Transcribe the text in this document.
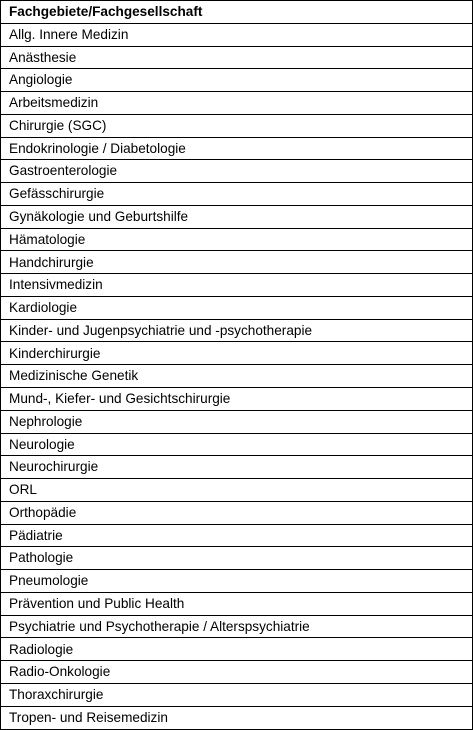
Fachgebiete/Fachgesellschaft
Allg. Innere Medizin
Anästhesie
Angiologie
Arbeitsmedizin
Chirurgie (SGC)
Endokrinologie / Diabetologie
Gastroenterologie
Gefässchirurgie
Gynäkologie und Geburtshilfe
Hämatologie
Handchirurgie
Intensivmedizin
Kardiologie
Kinder- und Jugenpsychiatrie und -psychotherapie
Kinderchirurgie
Medizinische Genetik
Mund-, Kiefer- und Gesichtschirurgie
Nephrologie
Neurologie
Neurochirurgie
ORL
Orthopädie
Pädiatrie
Pathologie
Pneumologie
Prävention und Public Health
Psychiatrie und Psychotherapie / Alterspsychiatrie
Radiologie
Radio-Onkologie
Thoraxchirurgie
Tropen- und Reisemedizin
